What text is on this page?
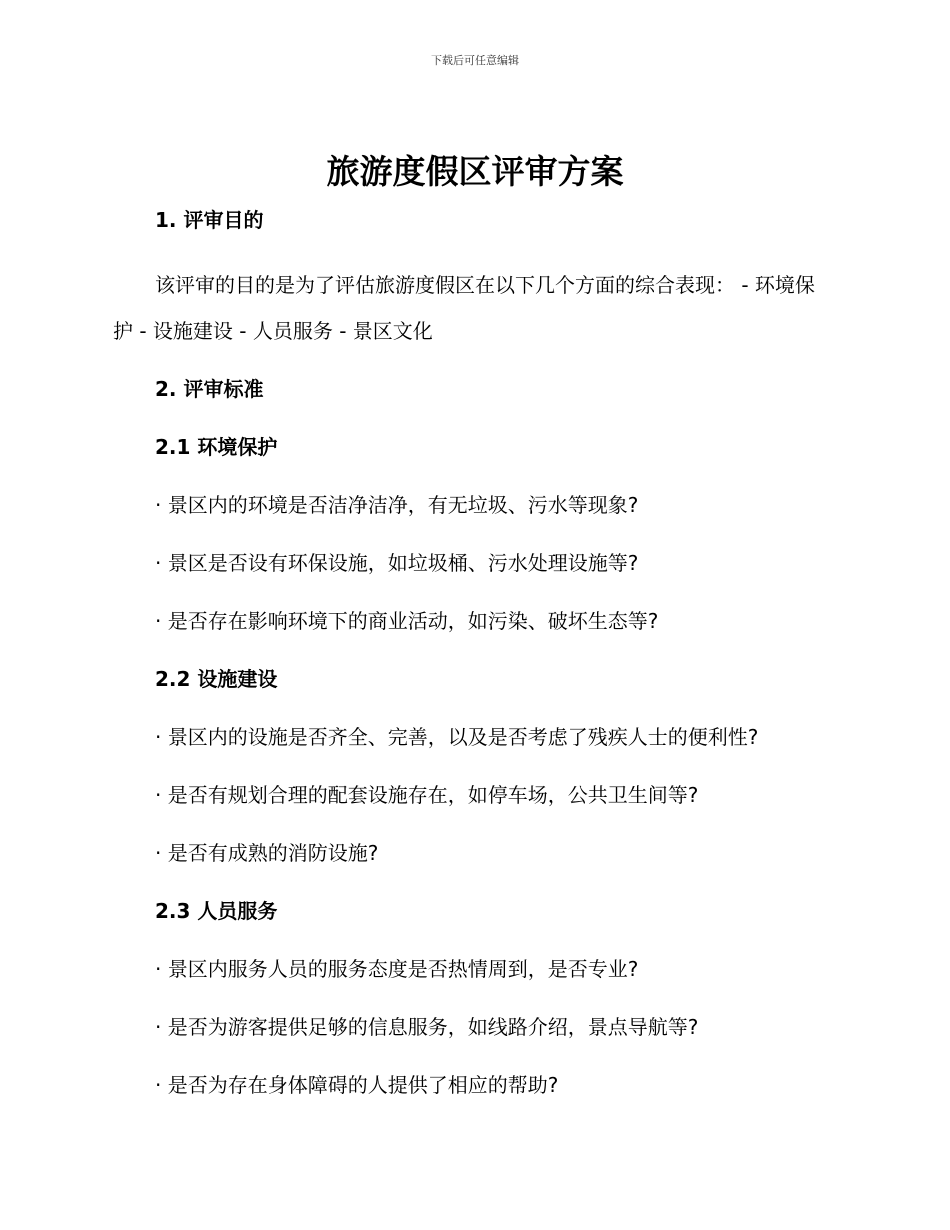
下载后可任意编辑
旅游度假区评审方案
1. 评审目的

该评审的目的是为了评估旅游度假区在以下几个方面的综合表现： - 环境保护 - 设施建设 - 人员服务 - 景区文化

2. 评审标准
2.1 环境保护
· 景区内的环境是否洁净洁净，有无垃圾、污水等现象?
· 景区是否设有环保设施，如垃圾桶、污水处理设施等?
· 是否存在影响环境下的商业活动，如污染、破坏生态等?
2.2 设施建设
· 景区内的设施是否齐全、完善，以及是否考虑了残疾人士的便利性?
· 是否有规划合理的配套设施存在，如停车场，公共卫生间等?
· 是否有成熟的消防设施?
2.3 人员服务
· 景区内服务人员的服务态度是否热情周到，是否专业?
· 是否为游客提供足够的信息服务，如线路介绍，景点导航等?
· 是否为存在身体障碍的人提供了相应的帮助?
